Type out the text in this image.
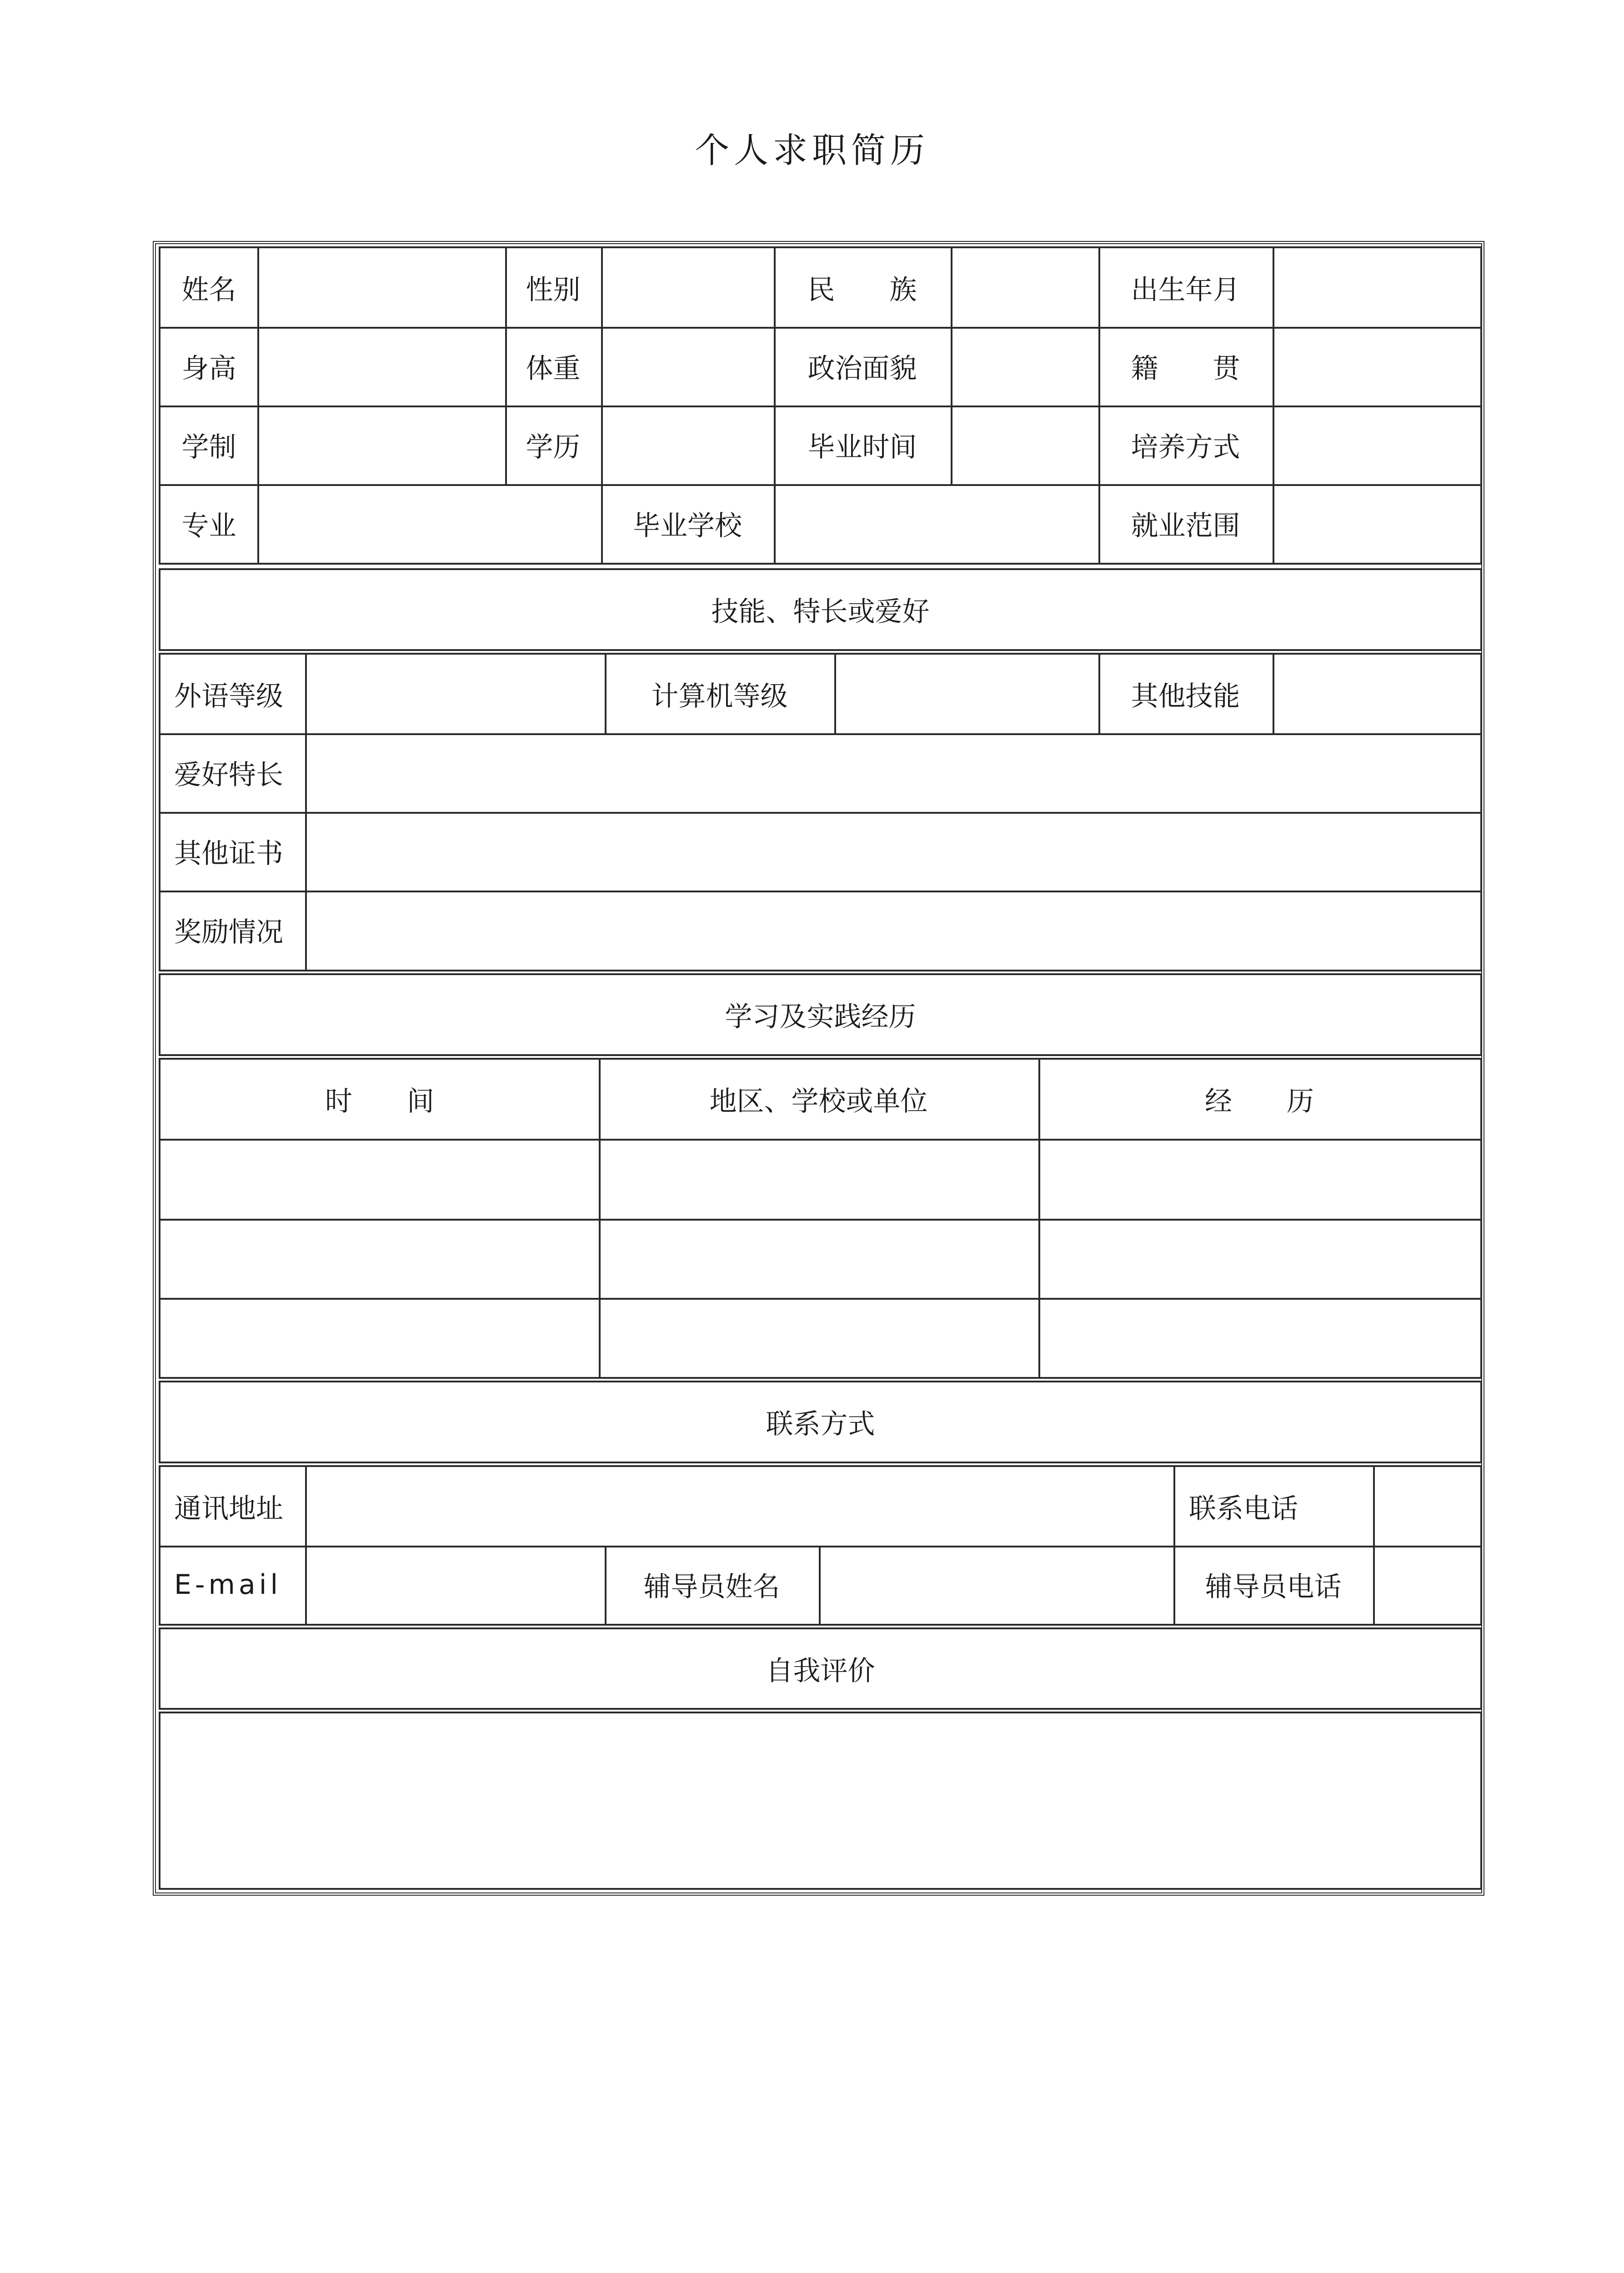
个人求职简历
姓名	性别	民　　族	出生年月
身高	体重	政治面貌	籍　　贯
学制	学历	毕业时间	培养方式
专业	毕业学校	就业范围
技能、特长或爱好
外语等级	计算机等级	其他技能
爱好特长
其他证书
奖励情况
学习及实践经历
时　　间	地区、学校或单位	经　　历
联系方式
通讯地址	联系电话
E-mail	辅导员姓名	辅导员电话
自我评价
